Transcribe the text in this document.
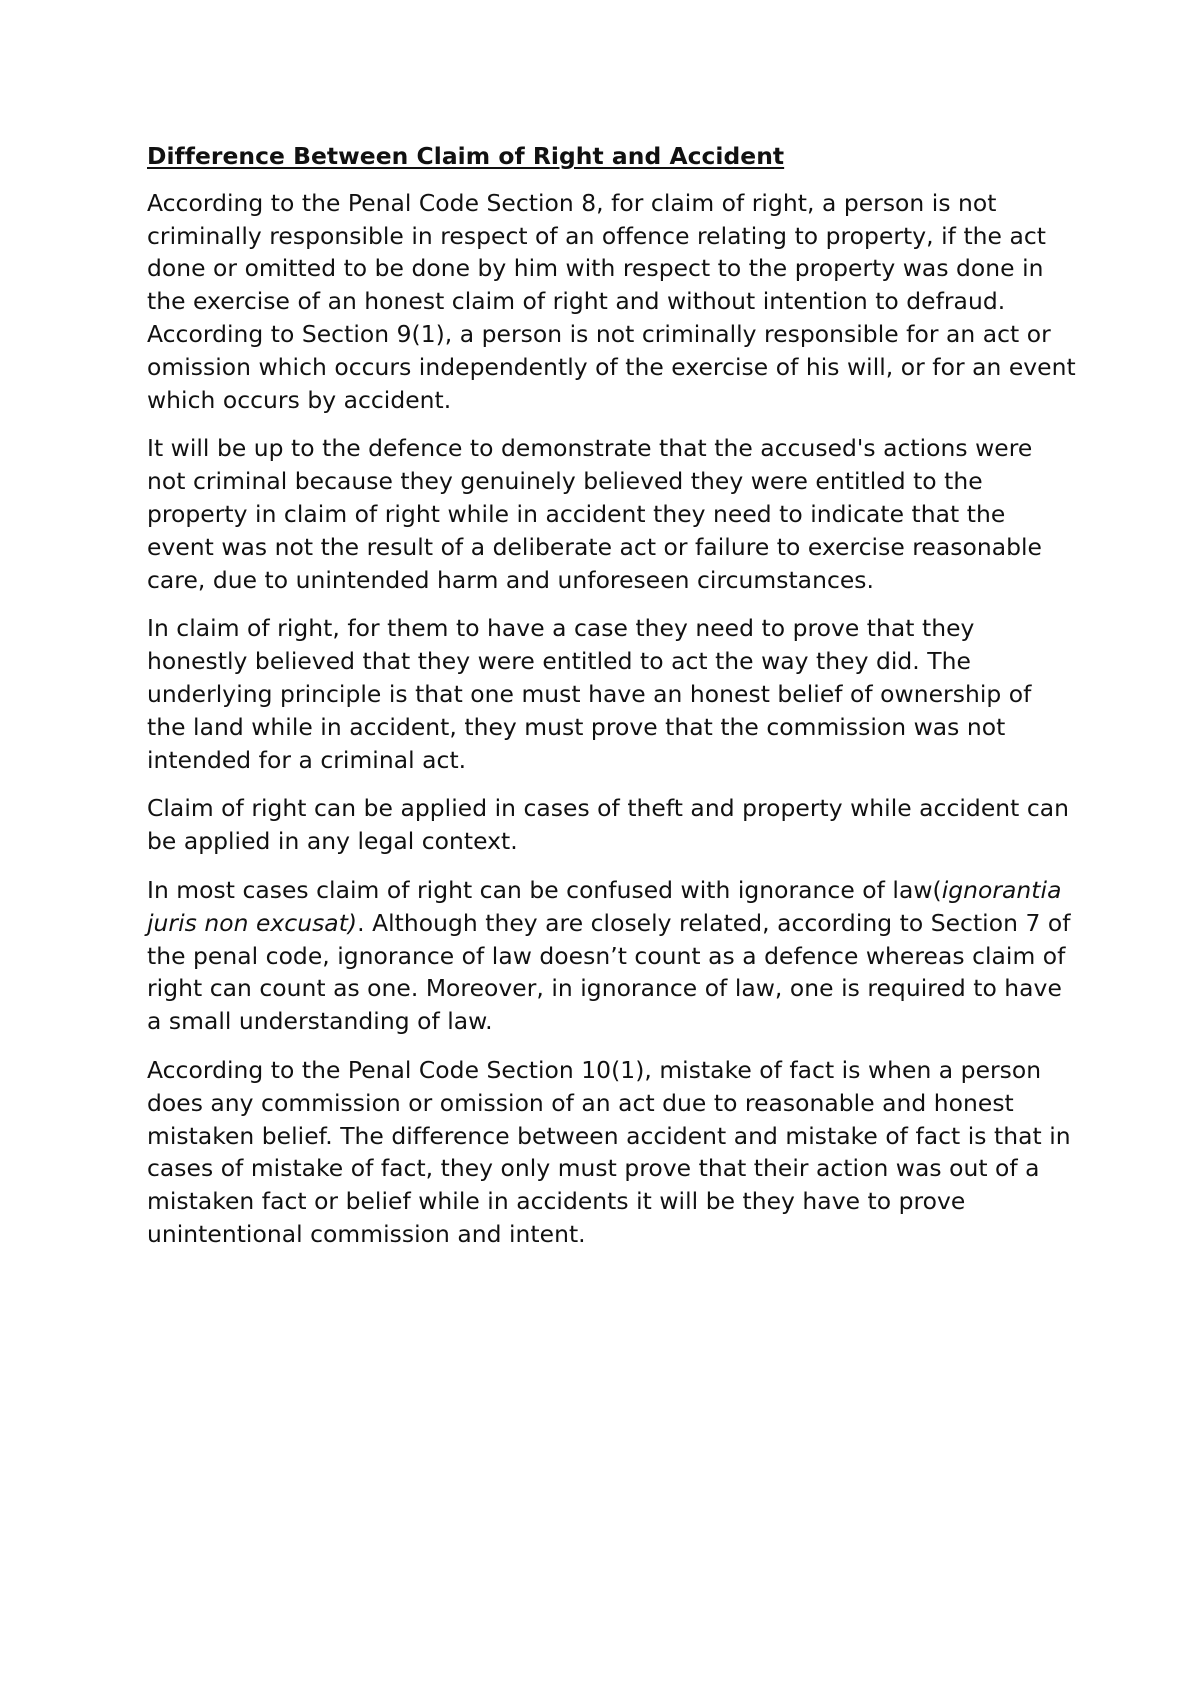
Difference Between Claim of Right and Accident

According to the Penal Code Section 8, for claim of right, a person is not criminally responsible in respect of an offence relating to property, if the act done or omitted to be done by him with respect to the property was done in the exercise of an honest claim of right and without intention to defraud. According to Section 9(1), a person is not criminally responsible for an act or omission which occurs independently of the exercise of his will, or for an event which occurs by accident.

It will be up to the defence to demonstrate that the accused's actions were not criminal because they genuinely believed they were entitled to the property in claim of right while in accident they need to indicate that the event was not the result of a deliberate act or failure to exercise reasonable care, due to unintended harm and unforeseen circumstances.

In claim of right, for them to have a case they need to prove that they honestly believed that they were entitled to act the way they did. The underlying principle is that one must have an honest belief of ownership of the land while in accident, they must prove that the commission was not intended for a criminal act.

Claim of right can be applied in cases of theft and property while accident can be applied in any legal context.

In most cases claim of right can be confused with ignorance of law(ignorantia juris non excusat). Although they are closely related, according to Section 7 of the penal code, ignorance of law doesn’t count as a defence whereas claim of right can count as one. Moreover, in ignorance of law, one is required to have a small understanding of law.

According to the Penal Code Section 10(1), mistake of fact is when a person does any commission or omission of an act due to reasonable and honest mistaken belief. The difference between accident and mistake of fact is that in cases of mistake of fact, they only must prove that their action was out of a mistaken fact or belief while in accidents it will be they have to prove unintentional commission and intent.
